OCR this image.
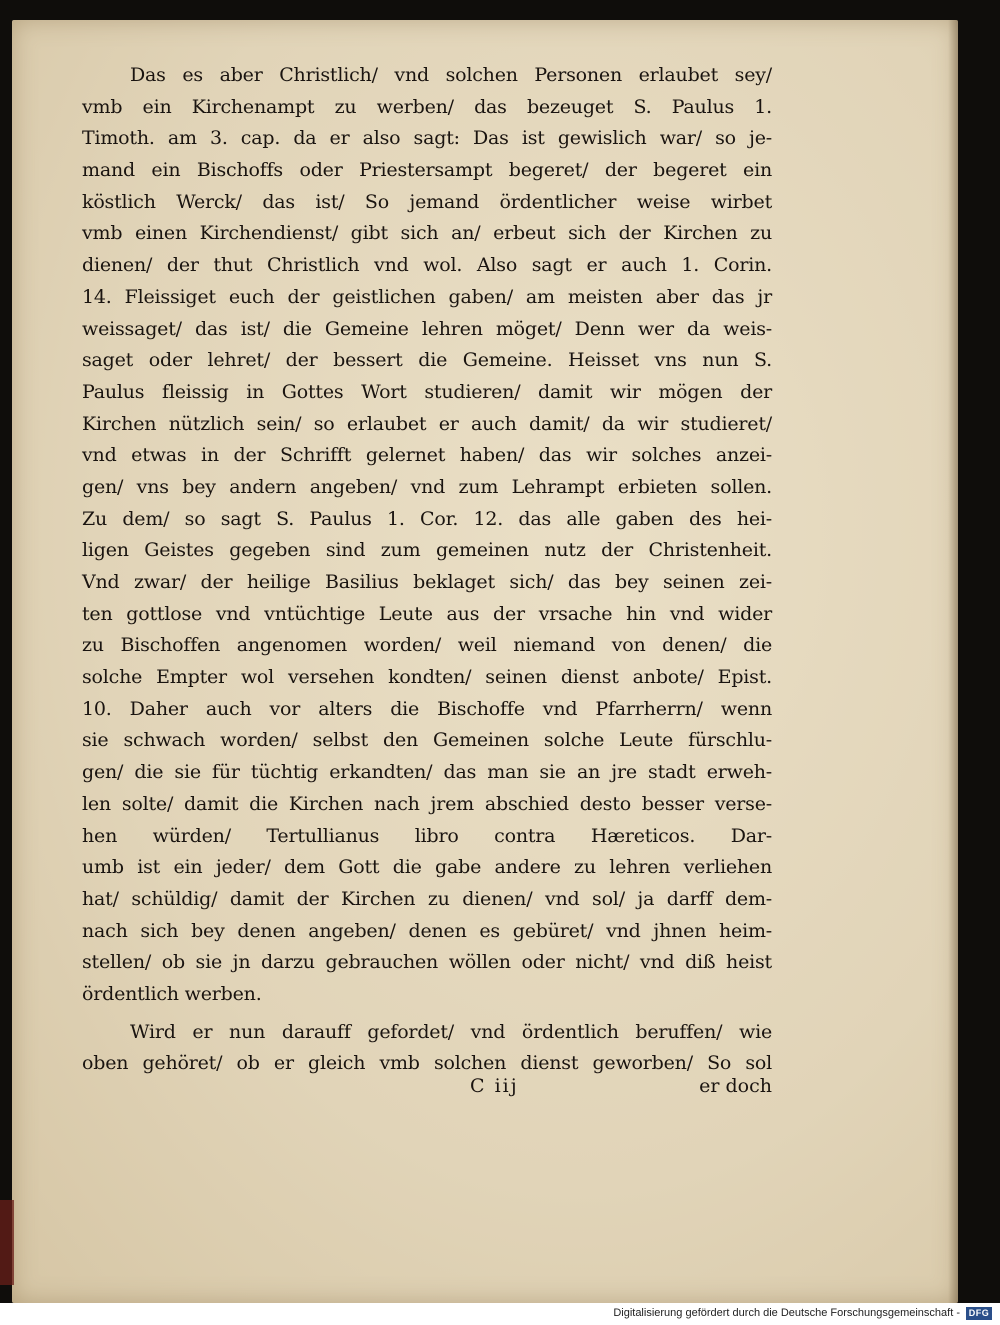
Das es aber Christlich/ vnd solchen Personen erlaubet sey/
vmb ein Kirchenampt zu werben/ das bezeuget S. Paulus 1.
Timoth. am 3. cap. da er also sagt: Das ist gewislich war/ so je-
mand ein Bischoffs oder Priestersampt begeret/ der begeret ein
köstlich Werck/ das ist/ So jemand ördentlicher weise wirbet
vmb einen Kirchendienst/ gibt sich an/ erbeut sich der Kirchen zu
dienen/ der thut Christlich vnd wol. Also sagt er auch 1. Corin.
14. Fleissiget euch der geistlichen gaben/ am meisten aber das jr
weissaget/ das ist/ die Gemeine lehren möget/ Denn wer da weis-
saget oder lehret/ der bessert die Gemeine. Heisset vns nun S.
Paulus fleissig in Gottes Wort studieren/ damit wir mögen der
Kirchen nützlich sein/ so erlaubet er auch damit/ da wir studieret/
vnd etwas in der Schrifft gelernet haben/ das wir solches anzei-
gen/ vns bey andern angeben/ vnd zum Lehrampt erbieten sollen.
Zu dem/ so sagt S. Paulus 1. Cor. 12. das alle gaben des hei-
ligen Geistes gegeben sind zum gemeinen nutz der Christenheit.
Vnd zwar/ der heilige Basilius beklaget sich/ das bey seinen zei-
ten gottlose vnd vntüchtige Leute aus der vrsache hin vnd wider
zu Bischoffen angenomen worden/ weil niemand von denen/ die
solche Empter wol versehen kondten/ seinen dienst anbote/ Epist.
10. Daher auch vor alters die Bischoffe vnd Pfarrherrn/ wenn
sie schwach worden/ selbst den Gemeinen solche Leute fürschlu-
gen/ die sie für tüchtig erkandten/ das man sie an jre stadt erweh-
len solte/ damit die Kirchen nach jrem abschied desto besser verse-
hen würden/ Tertullianus libro contra Hæreticos. Dar-
umb ist ein jeder/ dem Gott die gabe andere zu lehren verliehen
hat/ schüldig/ damit der Kirchen zu dienen/ vnd sol/ ja darff dem-
nach sich bey denen angeben/ denen es gebüret/ vnd jhnen heim-
stellen/ ob sie jn darzu gebrauchen wöllen oder nicht/ vnd diß heist
ördentlich werben.
Wird er nun darauff gefordet/ vnd ördentlich beruffen/ wie
oben gehöret/ ob er gleich vmb solchen dienst geworben/ So sol
C iij	er doch
Digitalisierung gefördert durch die Deutsche Forschungsgemeinschaft - DFG
